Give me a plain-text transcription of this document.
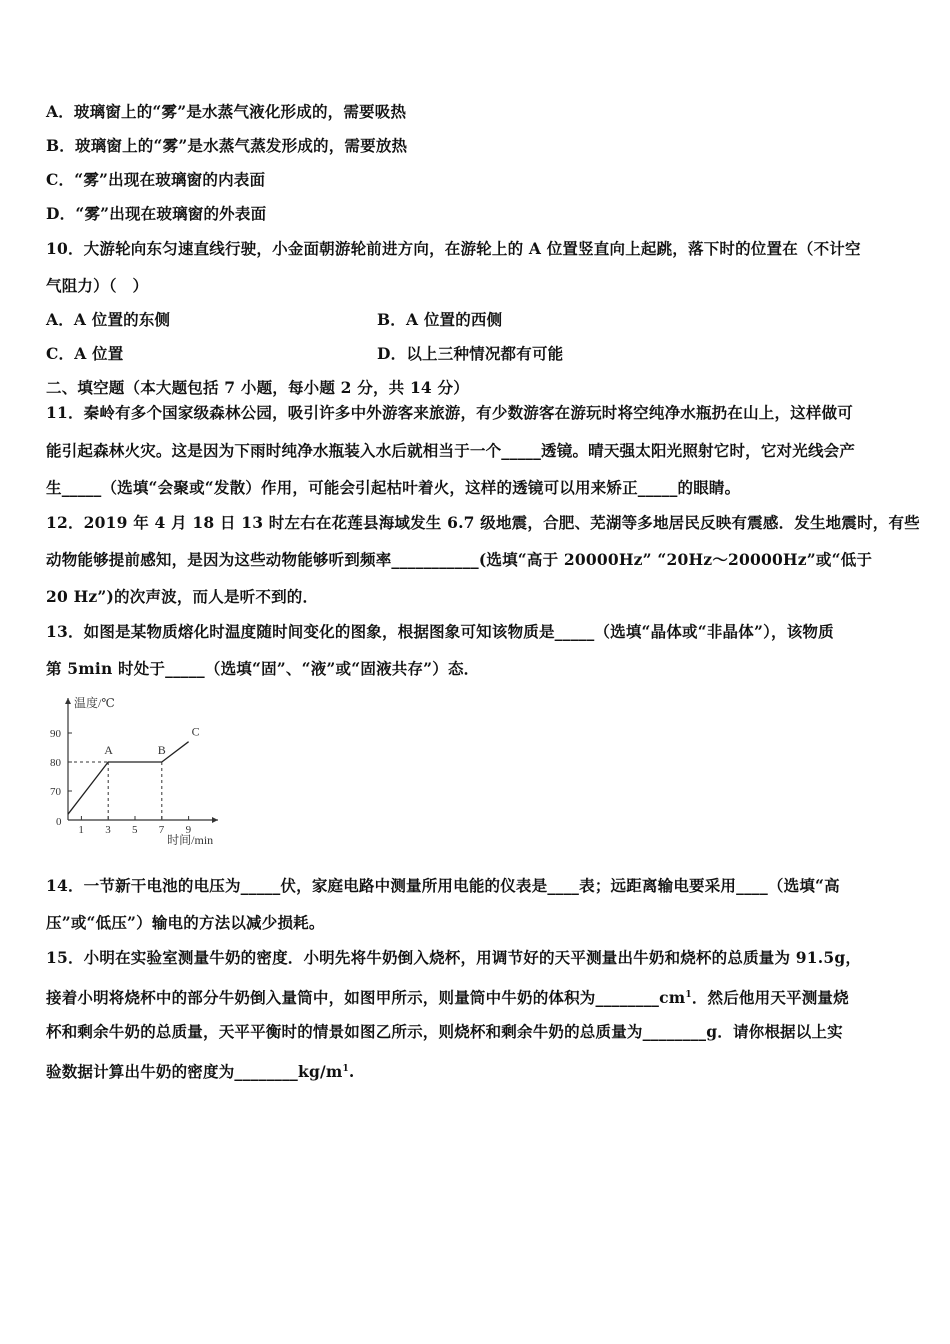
A．玻璃窗上的“雾”是水蒸气液化形成的，需要吸热
B．玻璃窗上的“雾”是水蒸气蒸发形成的，需要放热
C．“雾”出现在玻璃窗的内表面
D．“雾”出现在玻璃窗的外表面
10．大游轮向东匀速直线行驶，小金面朝游轮前进方向，在游轮上的 A 位置竖直向上起跳，落下时的位置在（不计空
气阻力）（　）
A．A 位置的东侧	B．A 位置的西侧
C．A 位置	D．以上三种情况都有可能
二、填空题（本大题包括 7 小题，每小题 2 分，共 14 分）
11．秦岭有多个国家级森林公园，吸引许多中外游客来旅游，有少数游客在游玩时将空纯净水瓶扔在山上，这样做可
能引起森林火灾。这是因为下雨时纯净水瓶装入水后就相当于一个_____透镜。晴天强太阳光照射它时，它对光线会产
生_____（选填“会聚或“发散）作用，可能会引起枯叶着火，这样的透镜可以用来矫正_____的眼睛。
12．2019 年 4 月 18 日 13 时左右在花莲县海域发生 6.7 级地震，合肥、芜湖等多地居民反映有震感．发生地震时，有些
动物能够提前感知，是因为这些动物能够听到频率___________(选填“高于 20000Hz” “20Hz～20000Hz”或“低于
20 Hz”)的次声波，而人是听不到的．
13．如图是某物质熔化时温度随时间变化的图象，根据图象可知该物质是_____（选填“晶体或“非晶体”），该物质
第 5min 时处于_____（选填“固”、“液”或“固液共存”）态．
温度/℃
时间/min
0
1 3 5 7 9
70
80
90
A	B
C
14．一节新干电池的电压为_____伏，家庭电路中测量所用电能的仪表是____表；远距离输电要采用____（选填“高
压”或“低压”）输电的方法以减少损耗。
15．小明在实验室测量牛奶的密度．小明先将牛奶倒入烧杯，用调节好的天平测量出牛奶和烧杯的总质量为 91.5g，
接着小明将烧杯中的部分牛奶倒入量筒中，如图甲所示，则量筒中牛奶的体积为$\_\_\_\_\_\_\_\_cm^1$．然后他用天平测量烧
杯和剩余牛奶的总质量，天平平衡时的情景如图乙所示，则烧杯和剩余牛奶的总质量为________g．请你根据以上实
验数据计算出牛奶的密度为$\_\_\_\_\_\_\_\_kg/m^1$.
